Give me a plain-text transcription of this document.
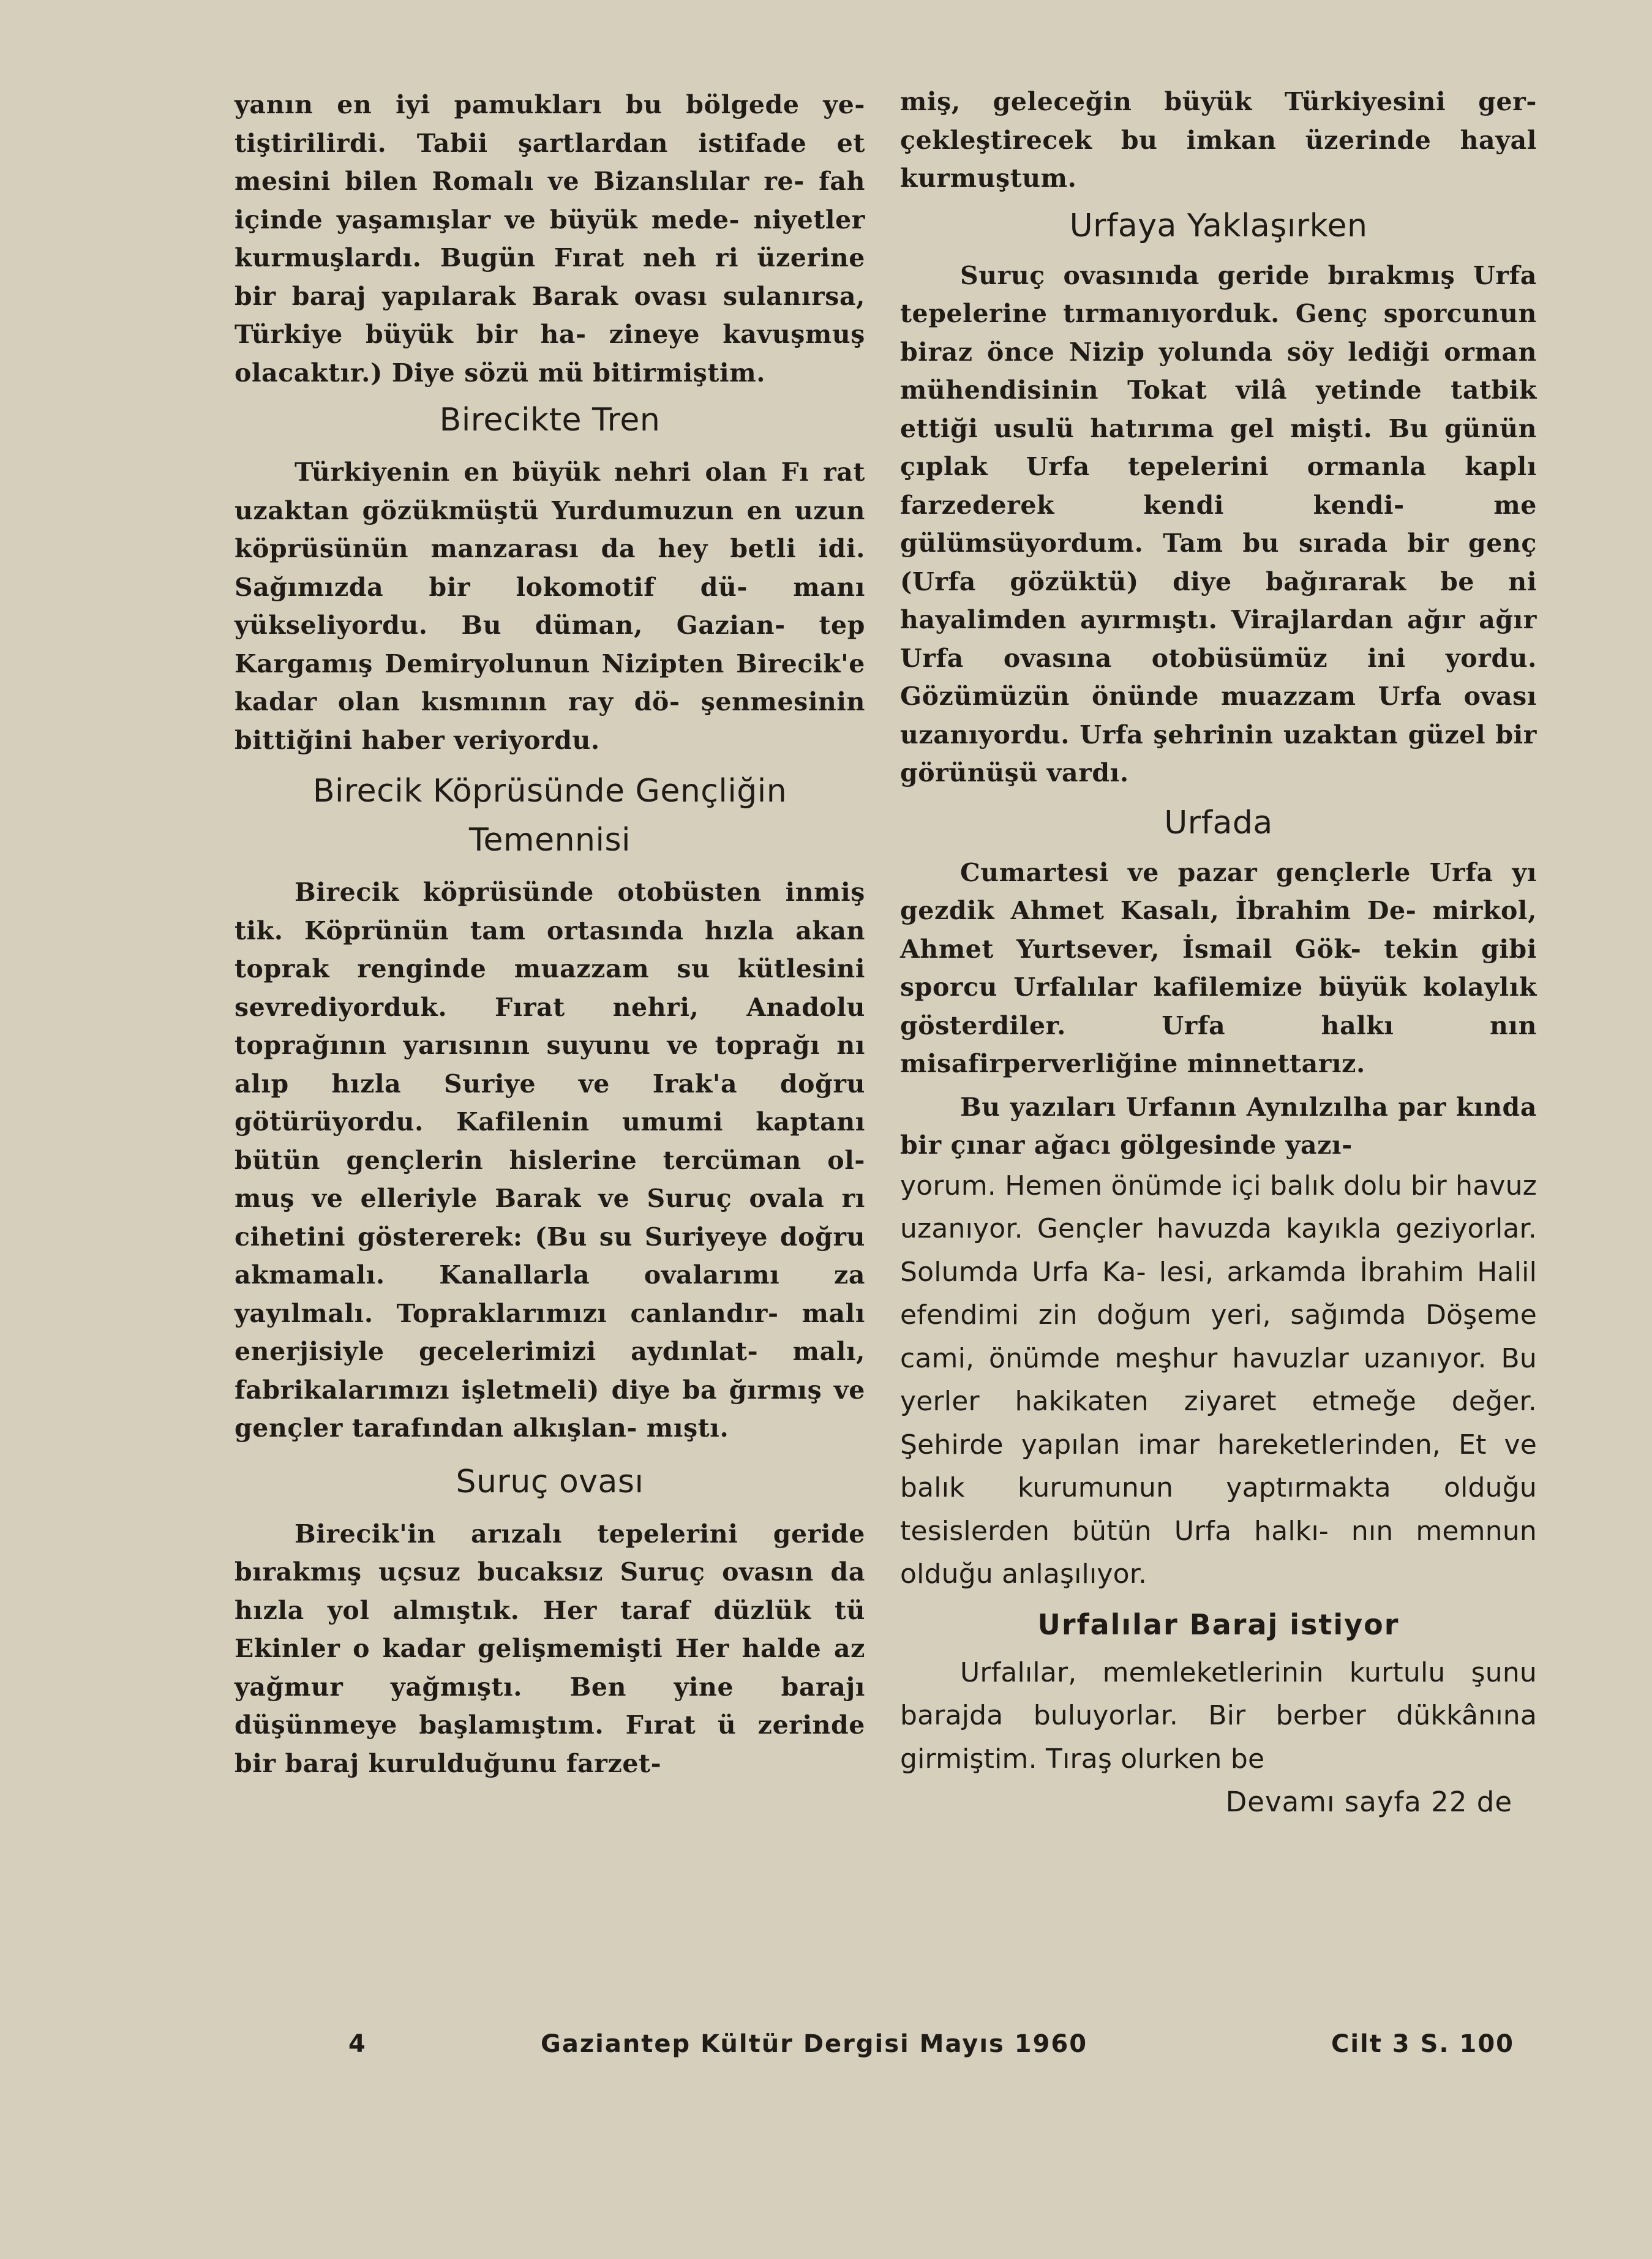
yanın en iyi pamukları bu bölgede ye- tiştirilirdi. Tabii şartlardan istifade et mesini bilen Romalı ve Bizanslılar re- fah içinde yaşamışlar ve büyük mede- niyetler kurmuşlardı. Bugün Fırat neh ri üzerine bir baraj yapılarak Barak ovası sulanırsa, Türkiye büyük bir ha- zineye kavuşmuş olacaktır.) Diye sözü mü bitirmiştim.

Birecikte Tren

Türkiyenin en büyük nehri olan Fı rat uzaktan gözükmüştü Yurdumuzun en uzun köprüsünün manzarası da hey betli idi. Sağımızda bir lokomotif dü- manı yükseliyordu. Bu düman, Gazian- tep Kargamış Demiryolunun Nizipten Birecik'e kadar olan kısmının ray dö- şenmesinin bittiğini haber veriyordu.

Birecik Köprüsünde Gençliğin

Temennisi

Birecik köprüsünde otobüsten inmiş tik. Köprünün tam ortasında hızla akan toprak renginde muazzam su kütlesini sevrediyorduk. Fırat nehri, Anadolu toprağının yarısının suyunu ve toprağı nı alıp hızla Suriye ve Irak'a doğru götürüyordu. Kafilenin umumi kaptanı bütün gençlerin hislerine tercüman ol- muş ve elleriyle Barak ve Suruç ovala rı cihetini göstererek: (Bu su Suriyeye doğru akmamalı. Kanallarla ovalarımı za yayılmalı. Topraklarımızı canlandır- malı enerjisiyle gecelerimizi aydınlat- malı, fabrikalarımızı işletmeli) diye ba ğırmış ve gençler tarafından alkışlan- mıştı.

Suruç ovası

Birecik'in arızalı tepelerini geride bırakmış uçsuz bucaksız Suruç ovasın da hızla yol almıştık. Her taraf düzlük tü Ekinler o kadar gelişmemişti Her halde az yağmur yağmıştı. Ben yine barajı düşünmeye başlamıştım. Fırat ü zerinde bir baraj kurulduğunu farzet-

miş, geleceğin büyük Türkiyesini ger- çekleştirecek bu imkan üzerinde hayal kurmuştum.

Urfaya Yaklaşırken

Suruç ovasınıda geride bırakmış Urfa tepelerine tırmanıyorduk. Genç sporcunun biraz önce Nizip yolunda söy lediği orman mühendisinin Tokat vilâ yetinde tatbik ettiği usulü hatırıma gel mişti. Bu günün çıplak Urfa tepelerini ormanla kaplı farzederek kendi kendi- me gülümsüyordum. Tam bu sırada bir genç (Urfa gözüktü) diye bağırarak be ni hayalimden ayırmıştı. Virajlardan ağır ağır Urfa ovasına otobüsümüz ini yordu. Gözümüzün önünde muazzam Urfa ovası uzanıyordu. Urfa şehrinin uzaktan güzel bir görünüşü vardı.

Urfada

Cumartesi ve pazar gençlerle Urfa yı gezdik Ahmet Kasalı, İbrahim De- mirkol, Ahmet Yurtsever, İsmail Gök- tekin gibi sporcu Urfalılar kafilemize büyük kolaylık gösterdiler. Urfa halkı nın misafirperverliğine minnettarız.

Bu yazıları Urfanın Aynılzılha par kında bir çınar ağacı gölgesinde yazı-

yorum. Hemen önümde içi balık dolu bir havuz uzanıyor. Gençler havuzda kayıkla geziyorlar. Solumda Urfa Ka- lesi, arkamda İbrahim Halil efendimi zin doğum yeri, sağımda Döşeme cami, önümde meşhur havuzlar uzanıyor. Bu yerler hakikaten ziyaret etmeğe değer. Şehirde yapılan imar hareketlerinden, Et ve balık kurumunun yaptırmakta olduğu tesislerden bütün Urfa halkı- nın memnun olduğu anlaşılıyor.

Urfalılar Baraj istiyor

Urfalılar, memleketlerinin kurtulu şunu barajda buluyorlar. Bir berber dükkânına girmiştim. Tıraş olurken be

Devamı sayfa 22 de

4	Gaziantep Kültür Dergisi Mayıs 1960	Cilt 3 S. 100
